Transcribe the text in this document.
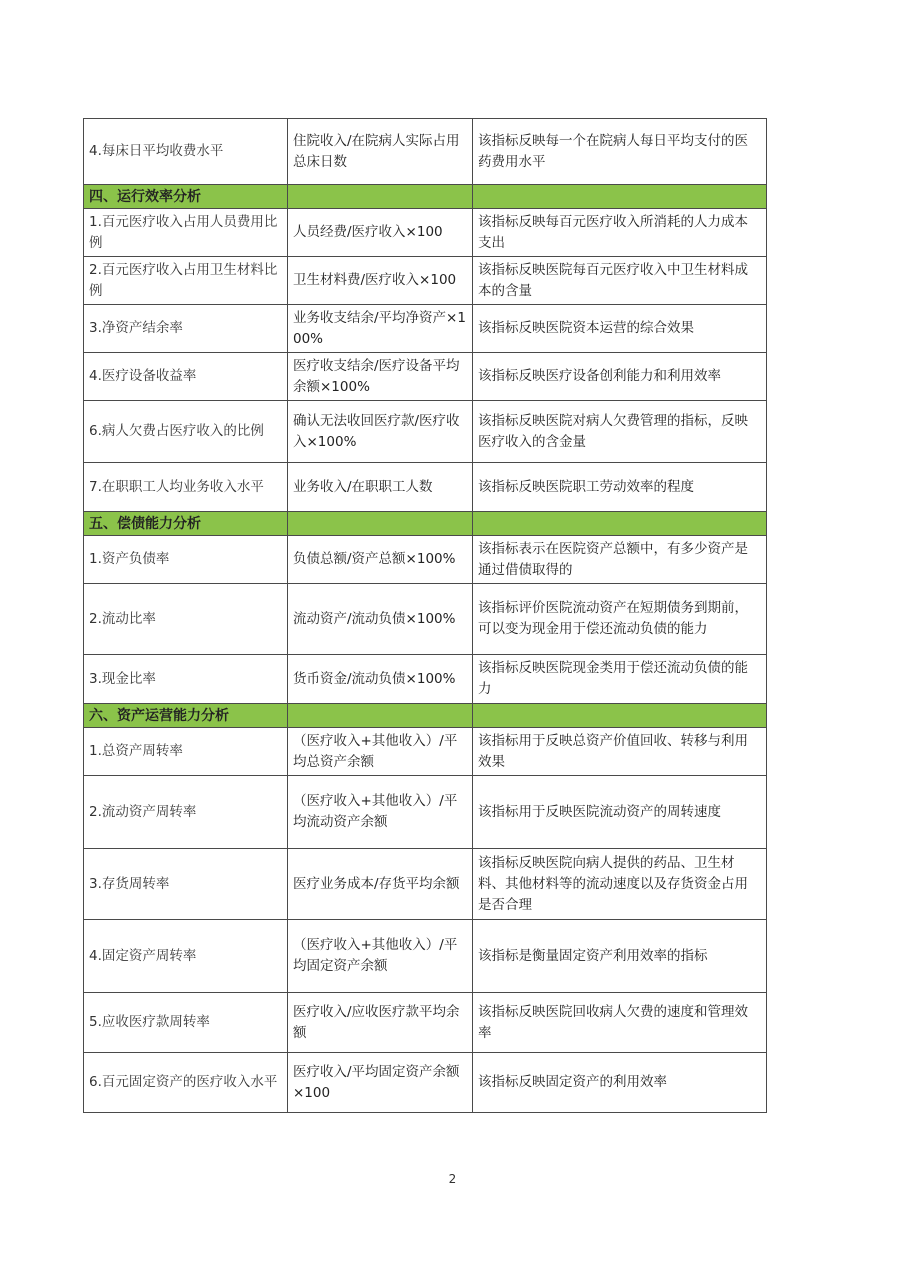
4.每床日平均收费水平	住院收入/在院病人实际占用总床日数	该指标反映每一个在院病人每日平均支付的医药费用水平
四、运行效率分析		
1.百元医疗收入占用人员费用比例	人员经费/医疗收入×100	该指标反映每百元医疗收入所消耗的人力成本支出
2.百元医疗收入占用卫生材料比例	卫生材料费/医疗收入×100	该指标反映医院每百元医疗收入中卫生材料成本的含量
3.净资产结余率	业务收支结余/平均净资产×100%	该指标反映医院资本运营的综合效果
4.医疗设备收益率	医疗收支结余/医疗设备平均余额×100%	该指标反映医疗设备创利能力和利用效率
6.病人欠费占医疗收入的比例	确认无法收回医疗款/医疗收入×100%	该指标反映医院对病人欠费管理的指标，反映医疗收入的含金量
7.在职职工人均业务收入水平	业务收入/在职职工人数	该指标反映医院职工劳动效率的程度
五、偿债能力分析		
1.资产负债率	负债总额/资产总额×100%	该指标表示在医院资产总额中，有多少资产是通过借债取得的
2.流动比率	流动资产/流动负债×100%	该指标评价医院流动资产在短期债务到期前，可以变为现金用于偿还流动负债的能力
3.现金比率	货币资金/流动负债×100%	该指标反映医院现金类用于偿还流动负债的能力
六、资产运营能力分析		
1.总资产周转率	（医疗收入+其他收入）/平均总资产余额	该指标用于反映总资产价值回收、转移与利用效果
2.流动资产周转率	（医疗收入+其他收入）/平均流动资产余额	该指标用于反映医院流动资产的周转速度
3.存货周转率	医疗业务成本/存货平均余额	该指标反映医院向病人提供的药品、卫生材料、其他材料等的流动速度以及存货资金占用是否合理
4.固定资产周转率	（医疗收入+其他收入）/平均固定资产余额	该指标是衡量固定资产利用效率的指标
5.应收医疗款周转率	医疗收入/应收医疗款平均余额	该指标反映医院回收病人欠费的速度和管理效率
6.百元固定资产的医疗收入水平	医疗收入/平均固定资产余额×100	该指标反映固定资产的利用效率
2
